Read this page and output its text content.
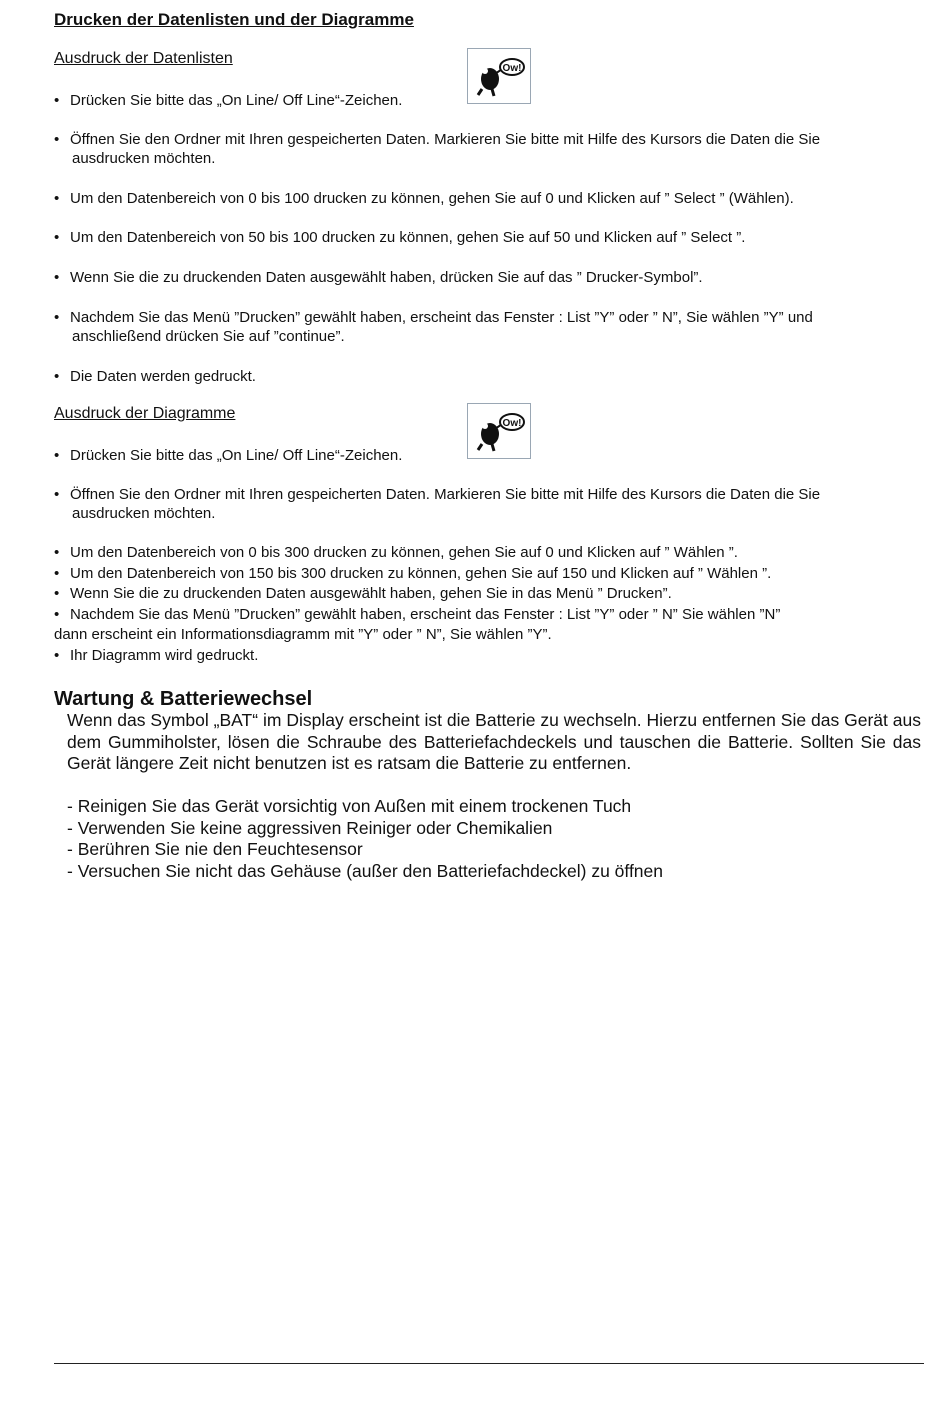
Drucken der Datenlisten und der Diagramme
Ausdruck der Datenlisten
Ow!
• Drücken Sie bitte das „On Line/ Off Line“-Zeichen.
• Öffnen Sie den Ordner mit Ihren gespeicherten Daten. Markieren Sie bitte mit Hilfe des Kursors die Daten die Sie
ausdrucken möchten.
• Um den Datenbereich von 0 bis 100 drucken zu können, gehen Sie auf 0 und Klicken auf ” Select ” (Wählen).
• Um den Datenbereich von 50 bis 100 drucken zu können, gehen Sie auf 50 und Klicken auf ” Select ”.
• Wenn Sie die zu druckenden Daten ausgewählt haben, drücken Sie auf das ” Drucker-Symbol”.
• Nachdem Sie das Menü ”Drucken” gewählt haben, erscheint das Fenster : List ”Y” oder ” N”, Sie wählen ”Y” und
anschließend drücken Sie auf ”continue”.
• Die Daten werden gedruckt.
Ausdruck der Diagramme
Ow!
• Drücken Sie bitte das „On Line/ Off Line“-Zeichen.
• Öffnen Sie den Ordner mit Ihren gespeicherten Daten. Markieren Sie bitte mit Hilfe des Kursors die Daten die Sie
ausdrucken möchten.
• Um den Datenbereich von 0 bis 300 drucken zu können, gehen Sie auf 0 und Klicken auf ” Wählen ”.
• Um den Datenbereich von 150 bis 300 drucken zu können, gehen Sie auf 150 und Klicken auf ” Wählen ”.
• Wenn Sie die zu druckenden Daten ausgewählt haben, gehen Sie in das Menü ” Drucken”.
• Nachdem Sie das Menü ”Drucken” gewählt haben, erscheint das Fenster : List ”Y” oder ” N” Sie wählen ”N”
dann erscheint ein Informationsdiagramm mit ”Y” oder ” N”, Sie wählen ”Y”.
• Ihr Diagramm wird gedruckt.
Wartung & Batteriewechsel
Wenn das Symbol „BAT“ im Display erscheint ist die Batterie zu wechseln. Hierzu entfernen Sie das Gerät aus dem Gummiholster, lösen die Schraube des Batteriefachdeckels und tauschen die Batterie. Sollten Sie das Gerät längere Zeit nicht benutzen ist es ratsam die Batterie zu entfernen.
- Reinigen Sie das Gerät vorsichtig von Außen mit einem trockenen Tuch
- Verwenden Sie keine aggressiven Reiniger oder Chemikalien
- Berühren Sie nie den Feuchtesensor
- Versuchen Sie nicht das Gehäuse (außer den Batteriefachdeckel) zu öffnen
